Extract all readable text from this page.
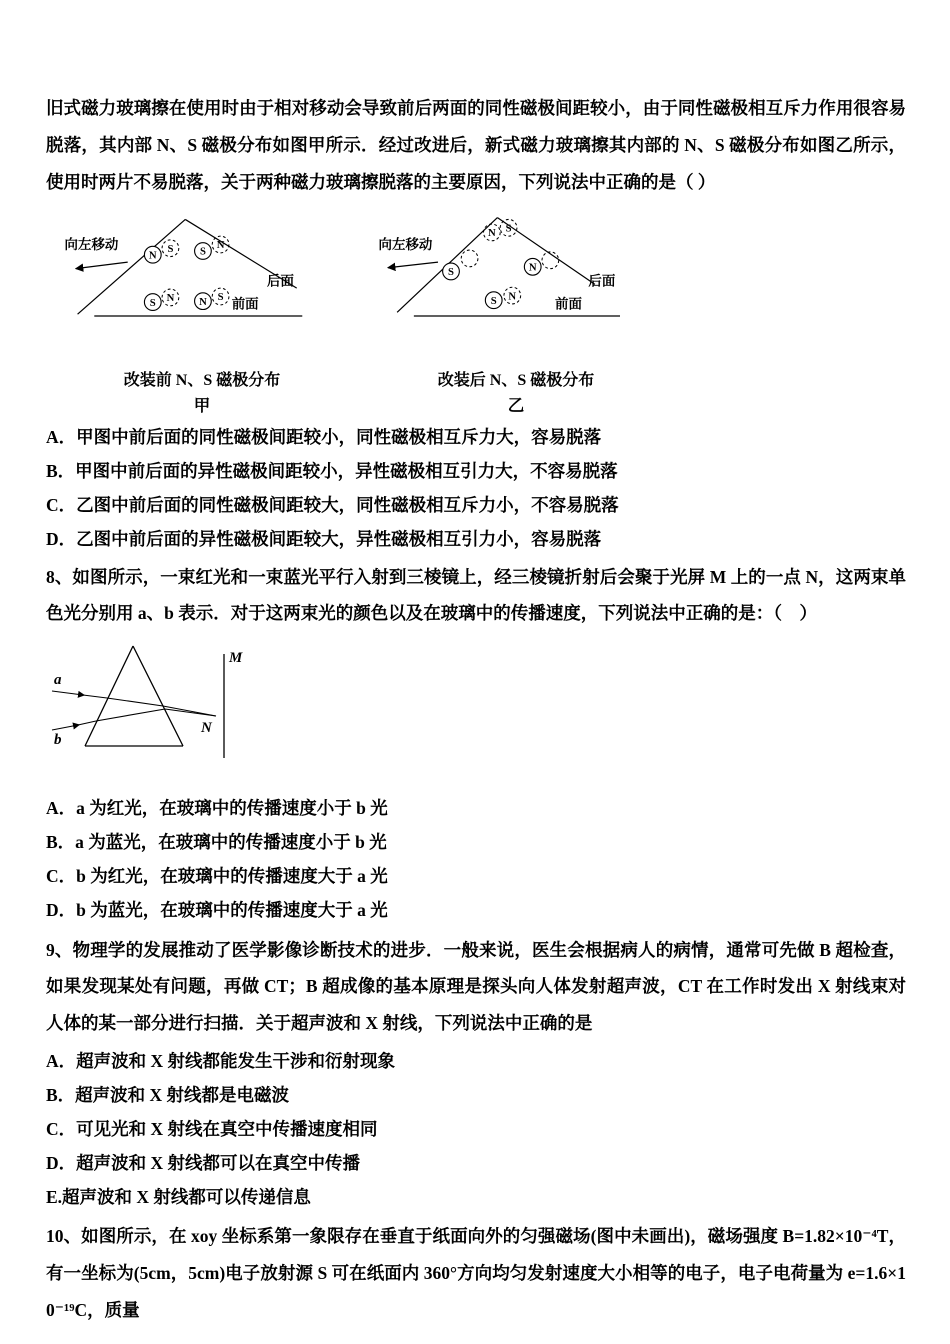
旧式磁力玻璃擦在使用时由于相对移动会导致前后两面的同性磁极间距较小，由于同性磁极相互斥力作用很容易脱落，其内部 N、S 磁极分布如图甲所示．经过改进后，新式磁力玻璃擦其内部的 N、S 磁极分布如图乙所示，使用时两片不易脱落，关于两种磁力玻璃擦脱落的主要原因，下列说法中正确的是（ ）

向左移动
N
S S
N
S N N S
后面
前面
改装前 N、S 磁极分布
甲
向左移动
N S
S	N
S N
后面
前面
改装后 N、S 磁极分布
乙
A．甲图中前后面的同性磁极间距较小，同性磁极相互斥力大，容易脱落
B．甲图中前后面的异性磁极间距较小，异性磁极相互引力大，不容易脱落
C．乙图中前后面的同性磁极间距较大，同性磁极相互斥力小，不容易脱落
D．乙图中前后面的异性磁极间距较大，异性磁极相互引力小，容易脱落

8、如图所示，一束红光和一束蓝光平行入射到三棱镜上，经三棱镜折射后会聚于光屏 M 上的一点 N，这两束单色光分别用 a、b 表示．对于这两束光的颜色以及在玻璃中的传播速度，下列说法中正确的是：（　）

M
a
b
N
A．a 为红光，在玻璃中的传播速度小于 b 光
B．a 为蓝光，在玻璃中的传播速度小于 b 光
C．b 为红光，在玻璃中的传播速度大于 a 光
D．b 为蓝光，在玻璃中的传播速度大于 a 光

9、物理学的发展推动了医学影像诊断技术的进步．一般来说，医生会根据病人的病情，通常可先做 B 超检查，如果发现某处有问题，再做 CT；B 超成像的基本原理是探头向人体发射超声波，CT 在工作时发出 X 射线束对人体的某一部分进行扫描．关于超声波和 X 射线，下列说法中正确的是

A．超声波和 X 射线都能发生干涉和衍射现象
B．超声波和 X 射线都是电磁波
C．可见光和 X 射线在真空中传播速度相同
D．超声波和 X 射线都可以在真空中传播
E.超声波和 X 射线都可以传递信息

10、如图所示，在 xoy 坐标系第一象限存在垂直于纸面向外的匀强磁场(图中未画出)，磁场强度 B=1.82×10⁻⁴T，有一坐标为(5cm，5cm)电子放射源 S 可在纸面内 360°方向均匀发射速度大小相等的电子，电子电荷量为 e=1.6×10⁻¹⁹C，质量
